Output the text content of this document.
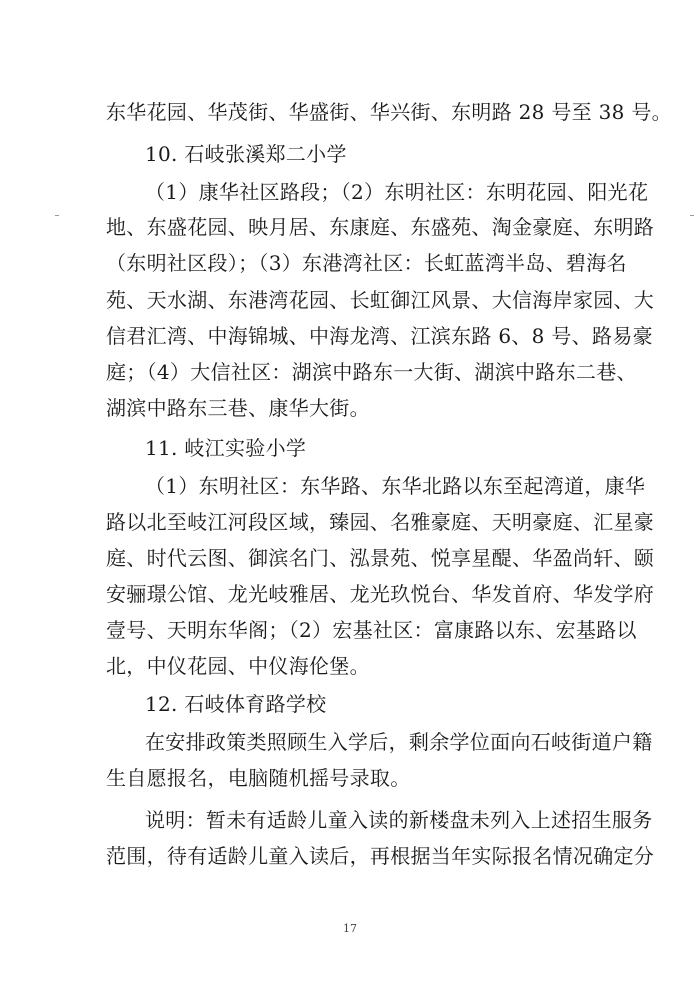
东华花园、华茂街、华盛街、华兴街、东明路 28 号至 38 号。
10. 石岐张溪郑二小学
（1）康华社区路段；（2）东明社区：东明花园、阳光花
地、东盛花园、映月居、东康庭、东盛苑、淘金豪庭、东明路
（东明社区段）；（3）东港湾社区：长虹蓝湾半岛、碧海名
苑、天水湖、东港湾花园、长虹御江风景、大信海岸家园、大
信君汇湾、中海锦城、中海龙湾、江滨东路 6、8 号、路易豪
庭；（4）大信社区：湖滨中路东一大街、湖滨中路东二巷、
湖滨中路东三巷、康华大街。
11. 岐江实验小学
（1）东明社区：东华路、东华北路以东至起湾道，康华
路以北至岐江河段区域，臻园、名雅豪庭、天明豪庭、汇星豪
庭、时代云图、御滨名门、泓景苑、悦享星醍、华盈尚轩、颐
安骊璟公馆、龙光岐雅居、龙光玖悦台、华发首府、华发学府
壹号、天明东华阁；（2）宏基社区：富康路以东、宏基路以
北，中仪花园、中仪海伦堡。
12. 石岐体育路学校
在安排政策类照顾生入学后，剩余学位面向石岐街道户籍
生自愿报名，电脑随机摇号录取。
说明：暂未有适龄儿童入读的新楼盘未列入上述招生服务
范围，待有适龄儿童入读后，再根据当年实际报名情况确定分
17
